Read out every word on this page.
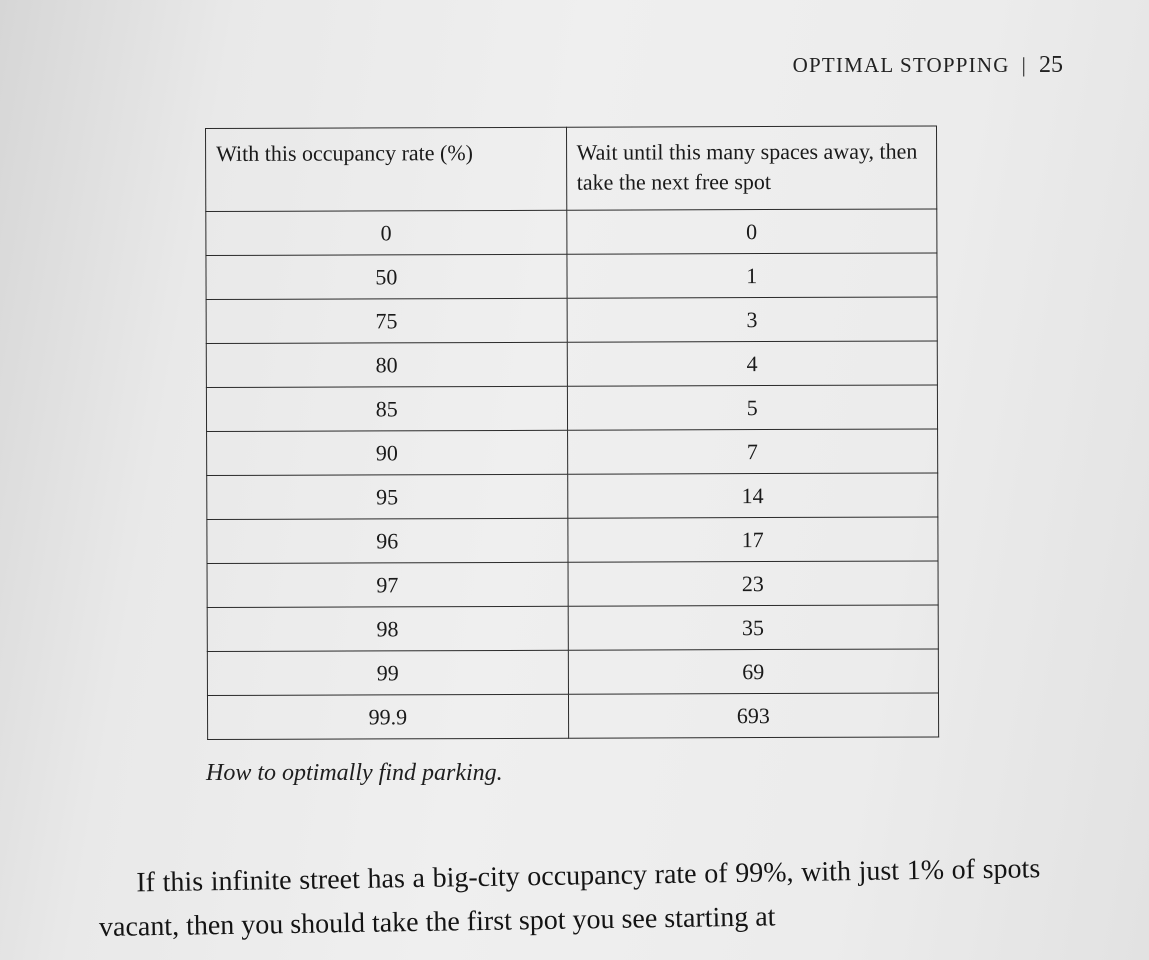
OPTIMAL STOPPING | 25
With this occupancy rate (%)	Wait until this many spaces away, then take the next free spot
0	0
50	1
75	3
80	4
85	5
90	7
95	14
96	17
97	23
98	35
99	69
99.9	693
How to optimally find parking.

If this infinite street has a big-city occupancy rate of 99%, with just 1% of spots vacant, then you should take the first spot you see starting at
